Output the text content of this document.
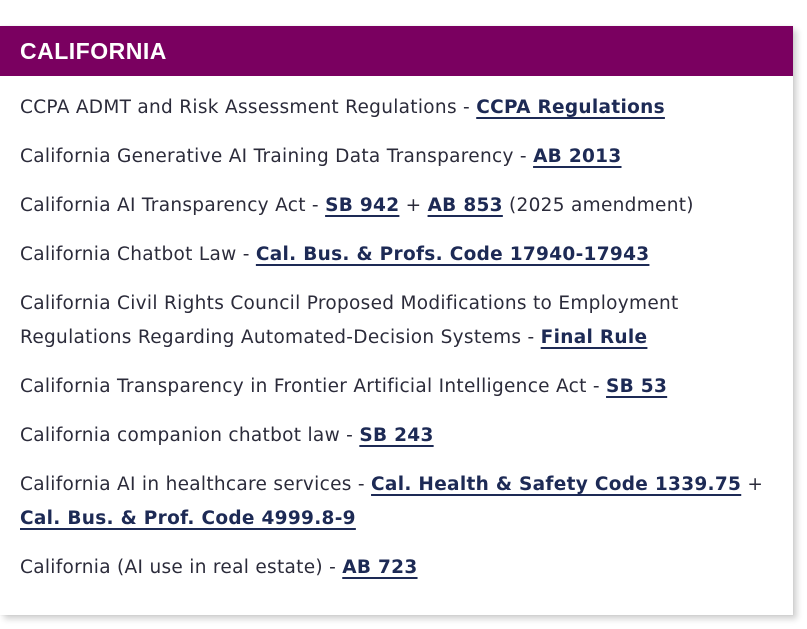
CALIFORNIA
CCPA ADMT and Risk Assessment Regulations - CCPA Regulations
California Generative AI Training Data Transparency - AB 2013
California AI Transparency Act - SB 942 + AB 853 (2025 amendment)
California Chatbot Law - Cal. Bus. & Profs. Code 17940-17943
California Civil Rights Council Proposed Modifications to Employment Regulations Regarding Automated-Decision Systems - Final Rule
California Transparency in Frontier Artificial Intelligence Act - SB 53
California companion chatbot law - SB 243
California AI in healthcare services - Cal. Health & Safety Code 1339.75 + Cal. Bus. & Prof. Code 4999.8-9
California (AI use in real estate) - AB 723
